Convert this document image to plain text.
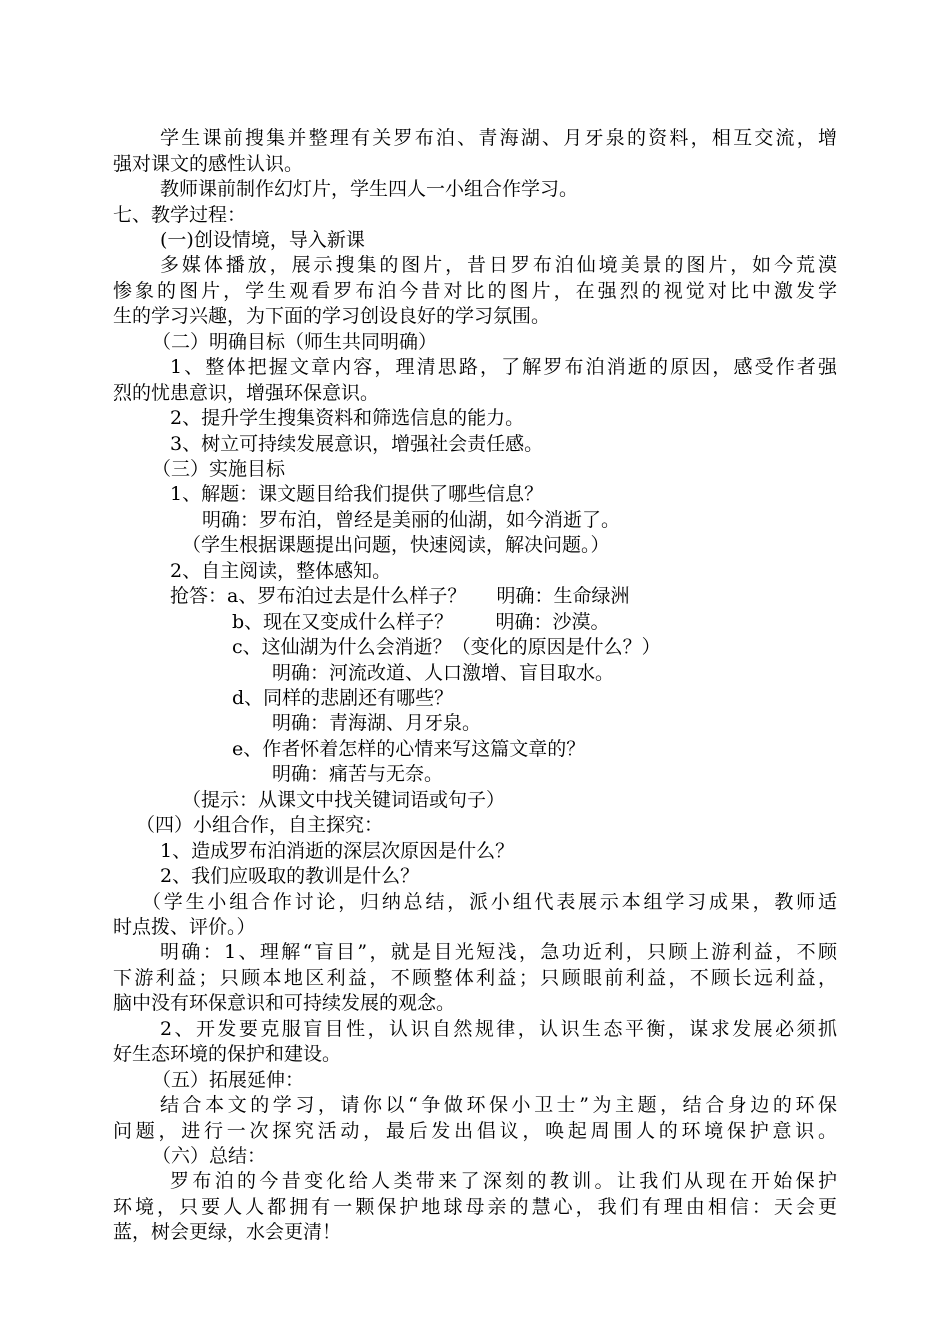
学生课前搜集并整理有关罗布泊、青海湖、月牙泉的资料，相互交流，增
强对课文的感性认识。
教师课前制作幻灯片，学生四人一小组合作学习。
七、教学过程：
(一)创设情境，导入新课
多媒体播放，展示搜集的图片，昔日罗布泊仙境美景的图片，如今荒漠
惨象的图片，学生观看罗布泊今昔对比的图片，在强烈的视觉对比中激发学
生的学习兴趣，为下面的学习创设良好的学习氛围。
（二）明确目标（师生共同明确）
1、整体把握文章内容，理清思路，了解罗布泊消逝的原因，感受作者强
烈的忧患意识，增强环保意识。
2、提升学生搜集资料和筛选信息的能力。
3、树立可持续发展意识，增强社会责任感。
（三）实施目标
1、解题：课文题目给我们提供了哪些信息？
明确：罗布泊，曾经是美丽的仙湖，如今消逝了。
（学生根据课题提出问题，快速阅读，解决问题。）
2、自主阅读，整体感知。
抢答：a、罗布泊过去是什么样子？     明确：生命绿洲
b、现在又变成什么样子？       明确：沙漠。
c、这仙湖为什么会消逝？（变化的原因是什么？）
明确：河流改道、人口激增、盲目取水。
d、同样的悲剧还有哪些？
明确：青海湖、月牙泉。
e、作者怀着怎样的心情来写这篇文章的？
明确：痛苦与无奈。
（提示：从课文中找关键词语或句子）
（四）小组合作，自主探究：
1、造成罗布泊消逝的深层次原因是什么？
2、我们应吸取的教训是什么？
（学生小组合作讨论，归纳总结，派小组代表展示本组学习成果，教师适
时点拨、评价。）
明确：1、理解“盲目”，就是目光短浅，急功近利，只顾上游利益，不顾
下游利益；只顾本地区利益，不顾整体利益；只顾眼前利益，不顾长远利益，
脑中没有环保意识和可持续发展的观念。
2、开发要克服盲目性，认识自然规律，认识生态平衡，谋求发展必须抓
好生态环境的保护和建设。
（五）拓展延伸：
结合本文的学习，请你以“争做环保小卫士”为主题，结合身边的环保
问题，进行一次探究活动，最后发出倡议，唤起周围人的环境保护意识。
（六）总结：
罗布泊的今昔变化给人类带来了深刻的教训。让我们从现在开始保护
环境，只要人人都拥有一颗保护地球母亲的慧心，我们有理由相信：天会更
蓝，树会更绿，水会更清！
